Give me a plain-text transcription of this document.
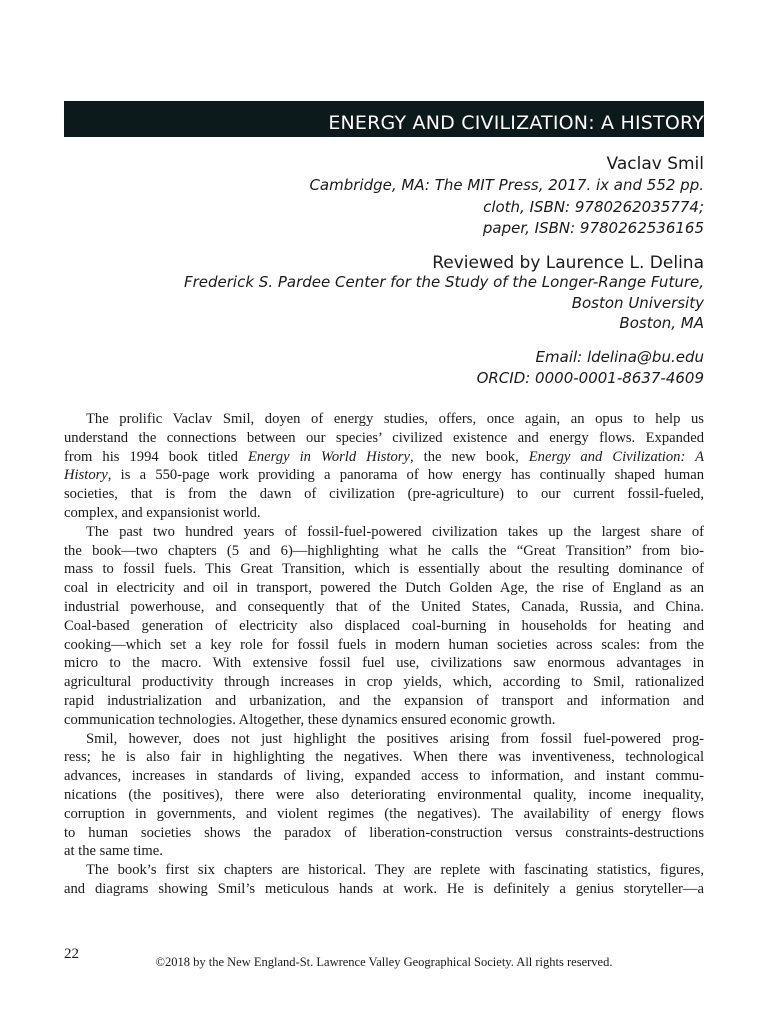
ENERGY AND CIVILIZATION: A HISTORY
Vaclav Smil
Cambridge, MA: The MIT Press, 2017. ix and 552 pp.
cloth, ISBN: 9780262035774;
paper, ISBN: 9780262536165
Reviewed by Laurence L. Delina
Frederick S. Pardee Center for the Study of the Longer-Range Future,
Boston University
Boston, MA
Email: ldelina@bu.edu
ORCID: 0000-0001-8637-4609
The prolific Vaclav Smil, doyen of energy studies, offers, once again, an opus to help us
understand the connections between our species’ civilized existence and energy flows. Expanded
from his 1994 book titled Energy in World History, the new book, Energy and Civilization: A
History, is a 550-page work providing a panorama of how energy has continually shaped human
societies, that is from the dawn of civilization (pre-agriculture) to our current fossil-fueled,
complex, and expansionist world.
The past two hundred years of fossil-fuel-powered civilization takes up the largest share of
the book—two chapters (5 and 6)—highlighting what he calls the “Great Transition” from bio-
mass to fossil fuels. This Great Transition, which is essentially about the resulting dominance of
coal in electricity and oil in transport, powered the Dutch Golden Age, the rise of England as an
industrial powerhouse, and consequently that of the United States, Canada, Russia, and China.
Coal-based generation of electricity also displaced coal-burning in households for heating and
cooking—which set a key role for fossil fuels in modern human societies across scales: from the
micro to the macro. With extensive fossil fuel use, civilizations saw enormous advantages in
agricultural productivity through increases in crop yields, which, according to Smil, rationalized
rapid industrialization and urbanization, and the expansion of transport and information and
communication technologies. Altogether, these dynamics ensured economic growth.
Smil, however, does not just highlight the positives arising from fossil fuel-powered prog-
ress; he is also fair in highlighting the negatives. When there was inventiveness, technological
advances, increases in standards of living, expanded access to information, and instant commu-
nications (the positives), there were also deteriorating environmental quality, income inequality,
corruption in governments, and violent regimes (the negatives). The availability of energy flows
to human societies shows the paradox of liberation-construction versus constraints-destructions
at the same time.
The book’s first six chapters are historical. They are replete with fascinating statistics, figures,
and diagrams showing Smil’s meticulous hands at work. He is definitely a genius storyteller—a
22	©2018 by the New England-St. Lawrence Valley Geographical Society. All rights reserved.
